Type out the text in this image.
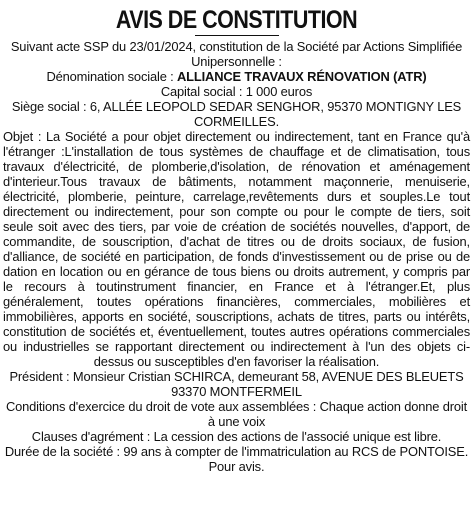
AVIS DE CONSTITUTION

Suivant acte SSP du 23/01/2024, constitution de la Société par Actions Simplifiée Unipersonnelle :

Dénomination sociale : ALLIANCE TRAVAUX RÉNOVATION (ATR)

Capital social : 1 000 euros

Siège social : 6, ALLÉE LEOPOLD SEDAR SENGHOR, 95370 MONTIGNY LES CORMEILLES.

Objet : La Société a pour objet directement ou indirectement, tant en France qu'à l'étranger :L'installation de tous systèmes de chauffage et de climatisation, tous travaux d'électricité, de plomberie,d'isolation, de rénovation et aménagement d'interieur.Tous travaux de bâtiments, notamment maçonnerie, menuiserie, électricité, plomberie, peinture, carrelage,revêtements durs et souples.Le tout directement ou indirectement, pour son compte ou pour le compte de tiers, soit seule soit avec des tiers, par voie de création de sociétés nouvelles, d'apport, de commandite, de souscription, d'achat de titres ou de droits sociaux, de fusion, d'alliance, de société en participation, de fonds d'investissement ou de prise ou de dation en location ou en gérance de tous biens ou droits autrement, y compris par le recours à toutinstrument financier, en France et à l'étranger.Et, plus généralement, toutes opérations financières, commerciales, mobilières et immobilières, apports en société, souscriptions, achats de titres, parts ou intérêts, constitution de sociétés et, éventuellement, toutes autres opérations commerciales ou industrielles se rapportant directement ou indirectement à l'un des objets ci-dessus ou susceptibles d'en favoriser la réalisation.

Président : Monsieur Cristian SCHIRCA, demeurant 58, AVENUE DES BLEUETS 93370 MONTFERMEIL

Conditions d'exercice du droit de vote aux assemblées : Chaque action donne droit à une voix

Clauses d'agrément : La cession des actions de l'associé unique est libre.

Durée de la société : 99 ans à compter de l'immatriculation au RCS de PONTOISE.

Pour avis.
